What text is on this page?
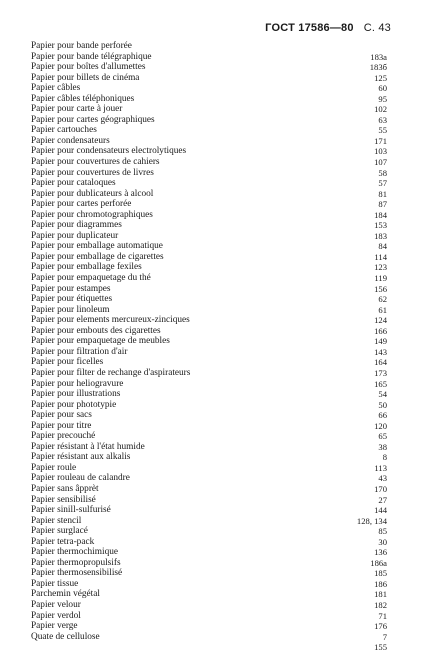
ГОСТ 17586—80 С. 43
Papier pour bande perforée
Papier pour bande télégraphique	183а
Papier pour boîtes d'allumettes	183б
Papier pour billets de cinéma	125
Papier câbles	60
Papier câbles téléphoniques	95
Papier pour carte à jouer	102
Papier pour cartes géographiques	63
Papier cartouches	55
Papier condensateurs	171
Papier pour condensateurs electrolytiques	103
Papier pour couvertures de cahiers	107
Papier pour couvertures de livres	58
Papier pour cataloques	57
Papier pour dublicateurs à alcool	81
Papier pour cartes perforée	87
Papier pour chromotographiques	184
Papier pour diagrammes	153
Papier pour duplicateur	183
Papier pour emballage automatique	84
Papier pour emballage de cigarettes	114
Papier pour emballage fexiles	123
Papier pour empaquetage du thé	119
Papier pour estampes	156
Papier pour étiquettes	62
Papier pour linoleum	61
Papier pour elements mercureux-zinciques	124
Papier pour embouts des cigarettes	166
Papier pour empaquetage de meubles	149
Papier pour filtration d'air	143
Papier pour ficelles	164
Papier pour filter de rechange d'aspirateurs	173
Papier pour heliogravure	165
Papier pour illustrations	54
Papier pour phototypie	50
Papier pour sacs	66
Papier pour titre	120
Papier precouché	65
Papier résistant à l'état humide	38
Papier résistant aux alkalis	8
Papier roule	113
Papier rouleau de calandre	43
Papier sans âpprèt	170
Papier sensibilisé	27
Papier sinill-sulfurisé	144
Papier stencil	128, 134
Papier surglacé	85
Papier tetra-pack	30
Papier thermochimique	136
Papier thermopropulsifs	186а
Papier thermosensibilisé	185
Papier tissue	186
Parchemin végétal	181
Papier velour	182
Papier verdol	71
Papier verge	176
Quate de cellulose	7
155
